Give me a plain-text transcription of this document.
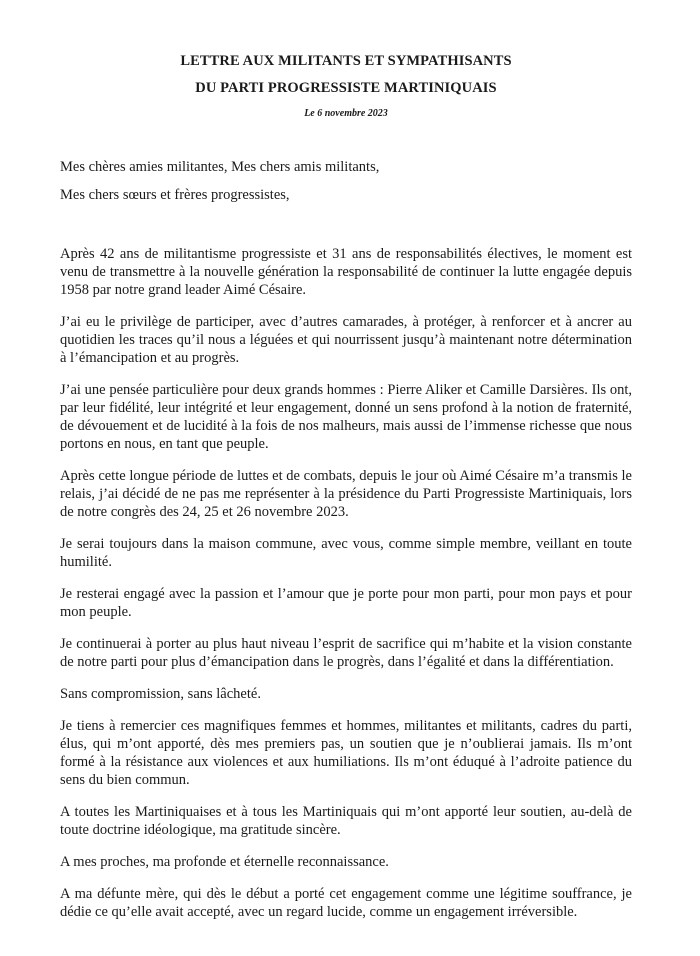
LETTRE AUX MILITANTS ET SYMPATHISANTS
DU PARTI PROGRESSISTE MARTINIQUAIS
Le 6 novembre 2023
Mes chères amies militantes, Mes chers amis militants,
Mes chers sœurs et frères progressistes,

Après 42 ans de militantisme progressiste et 31 ans de responsabilités électives, le moment est venu de transmettre à la nouvelle génération la responsabilité de continuer la lutte engagée depuis 1958 par notre grand leader Aimé Césaire.

J’ai eu le privilège de participer, avec d’autres camarades, à protéger, à renforcer et à ancrer au quotidien les traces qu’il nous a léguées et qui nourrissent jusqu’à maintenant notre détermination à l’émancipation et au progrès.

J’ai une pensée particulière pour deux grands hommes : Pierre Aliker et Camille Darsières. Ils ont, par leur fidélité, leur intégrité et leur engagement, donné un sens profond à la notion de fraternité, de dévouement et de lucidité à la fois de nos malheurs, mais aussi de l’immense richesse que nous portons en nous, en tant que peuple.

Après cette longue période de luttes et de combats, depuis le jour où Aimé Césaire m’a transmis le relais, j’ai décidé de ne pas me représenter à la présidence du Parti Progressiste Martiniquais, lors de notre congrès des 24, 25 et 26 novembre 2023.

Je serai toujours dans la maison commune, avec vous, comme simple membre, veillant en toute humilité.

Je resterai engagé avec la passion et l’amour que je porte pour mon parti, pour mon pays et pour mon peuple.

Je continuerai à porter au plus haut niveau l’esprit de sacrifice qui m’habite et la vision constante de notre parti pour plus d’émancipation dans le progrès, dans l’égalité et dans la différentiation.

Sans compromission, sans lâcheté.

Je tiens à remercier ces magnifiques femmes et hommes, militantes et militants, cadres du parti, élus, qui m’ont apporté, dès mes premiers pas, un soutien que je n’oublierai jamais. Ils m’ont formé à la résistance aux violences et aux humiliations. Ils m’ont éduqué à l’adroite patience du sens du bien commun.

A toutes les Martiniquaises et à tous les Martiniquais qui m’ont apporté leur soutien, au-delà de toute doctrine idéologique, ma gratitude sincère.

A mes proches, ma profonde et éternelle reconnaissance.

A ma défunte mère, qui dès le début a porté cet engagement comme une légitime souffrance, je dédie ce qu’elle avait accepté, avec un regard lucide, comme un engagement irréversible.
